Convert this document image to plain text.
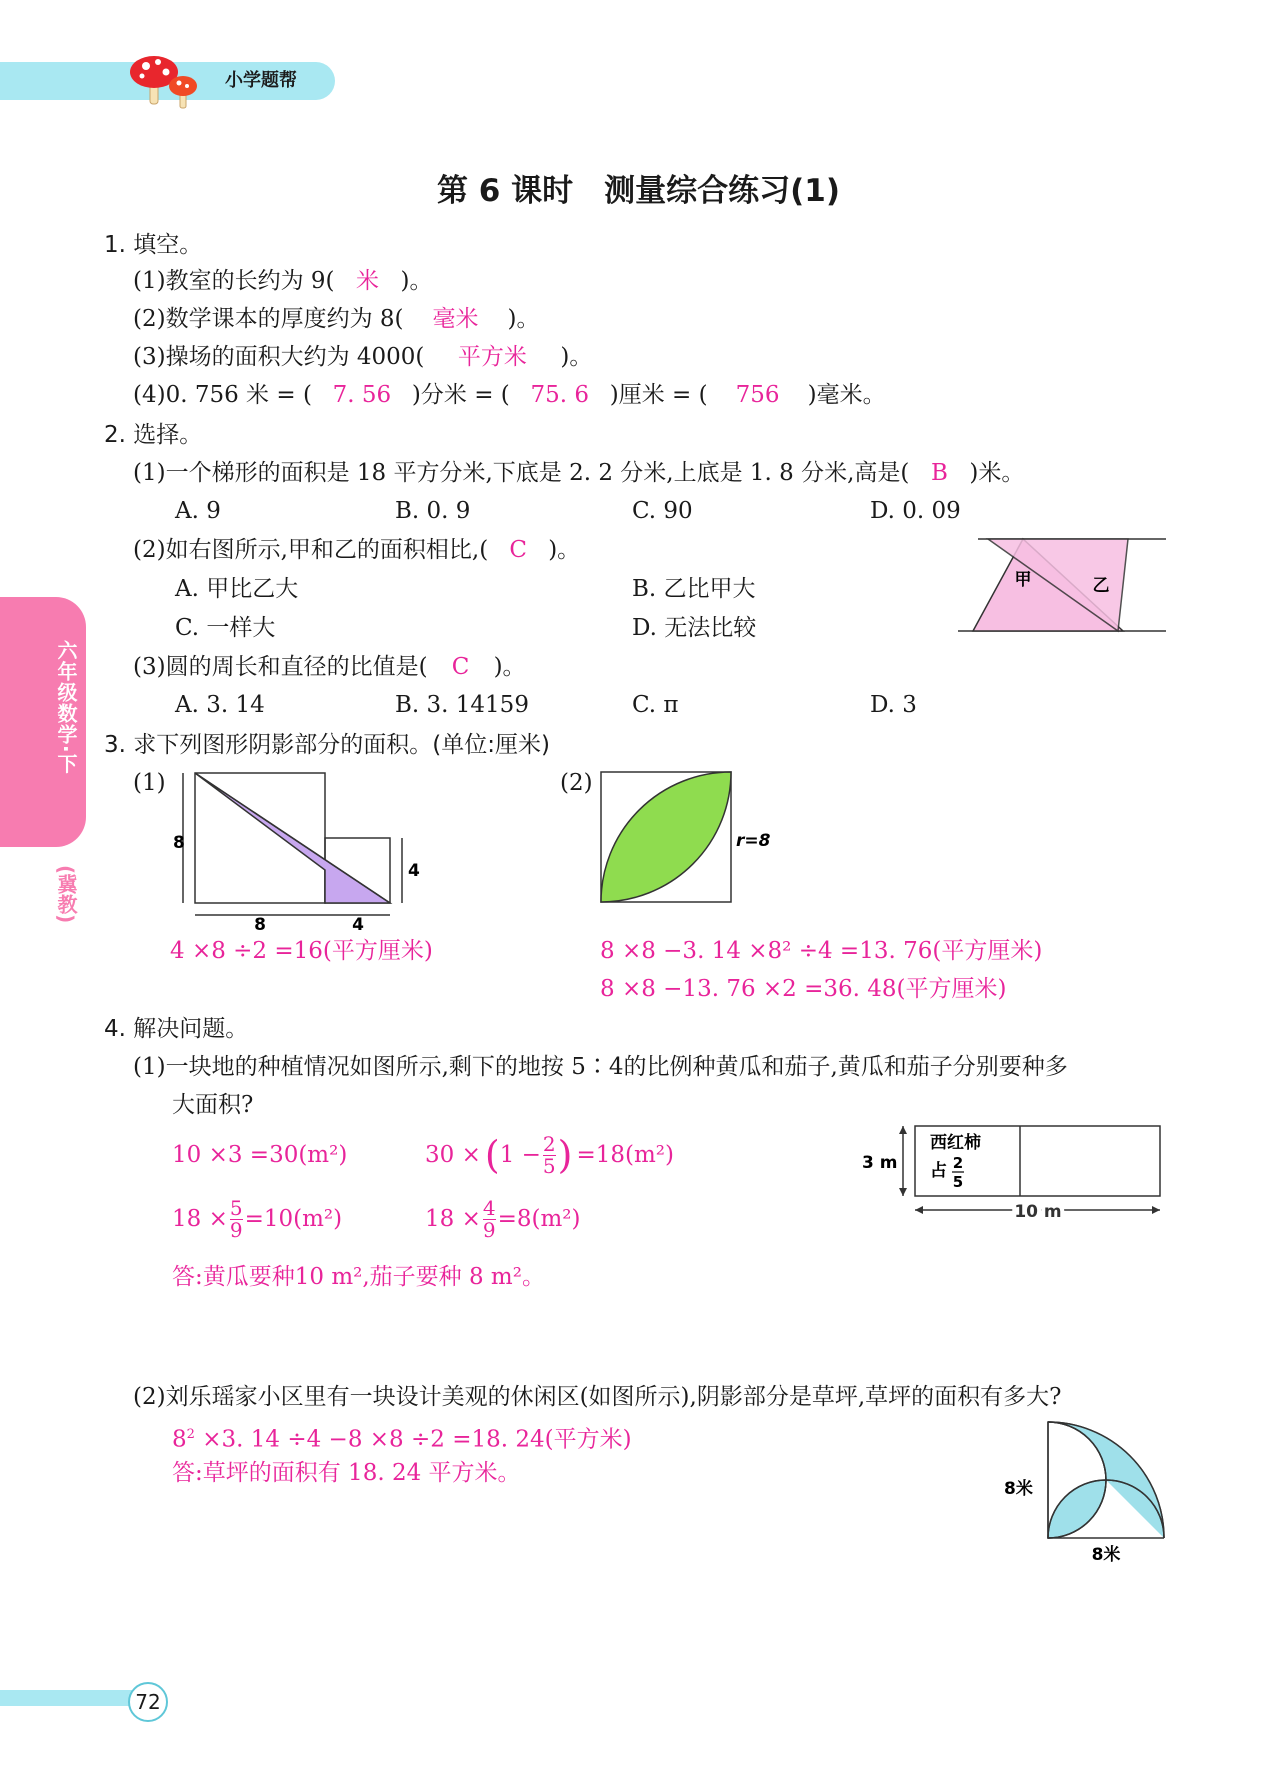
小学题帮
第 6 课时　测量综合练习(1)
六年级数学·下
(冀教)
1. 填空。
(1)教室的长约为 9( 米 )。
(2)数学课本的厚度约为 8( 毫米 )。
(3)操场的面积大约为 4000( 平方米 )。
(4)0. 756 米 = ( 7. 56 )分米 = ( 75. 6 )厘米 = ( 756 )毫米。
2. 选择。
(1)一个梯形的面积是 18 平方分米,下底是 2. 2 分米,上底是 1. 8 分米,高是( B )米。
A. 9	B. 0. 9	C. 90	D. 0. 09
(2)如右图所示,甲和乙的面积相比,( C )。
A. 甲比乙大	B. 乙比甲大
C. 一样大	D. 无法比较
甲	乙
(3)圆的周长和直径的比值是( C )。
A. 3. 14	B. 3. 14159	C. π	D. 3
3. 求下列图形阴影部分的面积。(单位:厘米)
(1)
8
8
4
4
4 ×8 ÷2 =16(平方厘米)
(2)
r=8
8 ×8 −3. 14 ×8² ÷4 =13. 76(平方厘米)
8 ×8 −13. 76 ×2 =36. 48(平方厘米)
4. 解决问题。
(1)一块地的种植情况如图所示,剩下的地按 5∶4的比例种黄瓜和茄子,黄瓜和茄子分别要种多
大面积?
10 ×3 =30(m²)	30 × ( $1 - \frac{2}{5}$ ) =18(m²)
$18 \times \frac{5}{9} =10(m^2)$	$18 \times \frac{4}{9} =8(m^2)$
答:黄瓜要种10 m²,茄子要种 8 m²。
3 m
10 m
西红柿
占 2
5
(2)刘乐瑶家小区里有一块设计美观的休闲区(如图所示),阴影部分是草坪,草坪的面积有多大?
$8^2 \times 3$. 14 ÷4 −8 ×8 ÷2 =18. 24(平方米)
答:草坪的面积有 18. 24 平方米。
8米
8米
72
